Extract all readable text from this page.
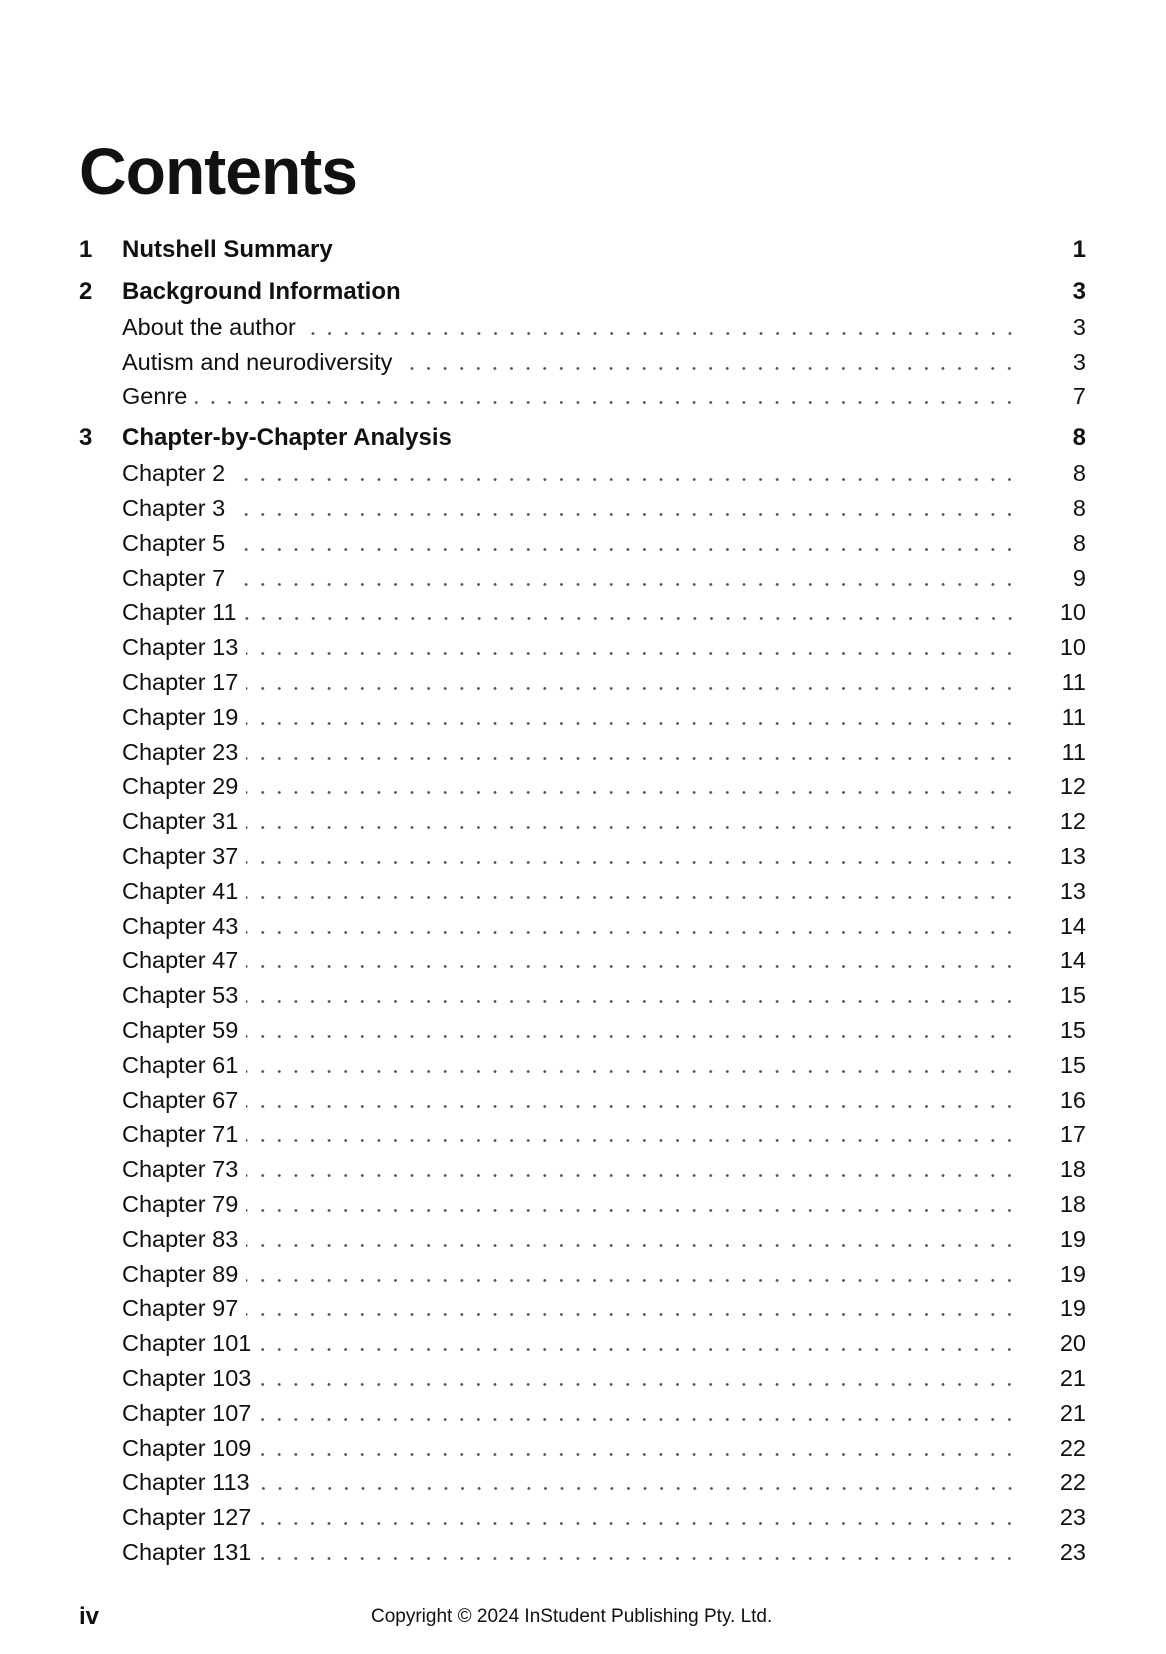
Contents
1	Nutshell Summary	1
2	Background Information	3
About the author	3
Autism and neurodiversity	3
Genre	7
3	Chapter-by-Chapter Analysis	8
Chapter 2	8
Chapter 3	8
Chapter 5	8
Chapter 7	9
Chapter 11	10
Chapter 13	10
Chapter 17	11
Chapter 19	11
Chapter 23	11
Chapter 29	12
Chapter 31	12
Chapter 37	13
Chapter 41	13
Chapter 43	14
Chapter 47	14
Chapter 53	15
Chapter 59	15
Chapter 61	15
Chapter 67	16
Chapter 71	17
Chapter 73	18
Chapter 79	18
Chapter 83	19
Chapter 89	19
Chapter 97	19
Chapter 101	20
Chapter 103	21
Chapter 107	21
Chapter 109	22
Chapter 113	22
Chapter 127	23
Chapter 131	23
iv	Copyright © 2024 InStudent Publishing Pty. Ltd.
